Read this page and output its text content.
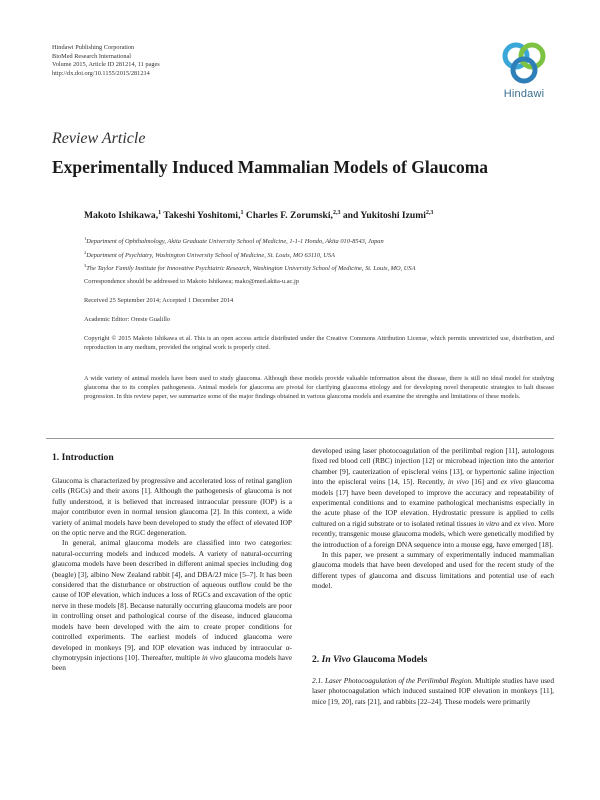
Hindawi Publishing Corporation
BioMed Research International
Volume 2015, Article ID 281214, 11 pages
http://dx.doi.org/10.1155/2015/281214
Hindawi
Review Article
Experimentally Induced Mammalian Models of Glaucoma
Makoto Ishikawa,$^1$ Takeshi Yoshitomi,$^1$ Charles F. Zorumski,$^{2,3}$ and Yukitoshi Izumi$^{2,3}$
$^1$Department of Ophthalmology, Akita Graduate University School of Medicine, 1-1-1 Hondo, Akita 010-8543, Japan
$^2$Department of Psychiatry, Washington University School of Medicine, St. Louis, MO 63110, USA
$^3$The Taylor Family Institute for Innovative Psychiatric Research, Washington University School of Medicine, St. Louis, MO, USA
Correspondence should be addressed to Makoto Ishikawa; mako@med.akita-u.ac.jp
Received 25 September 2014; Accepted 1 December 2014
Academic Editor: Oreste Gualillo
Copyright © 2015 Makoto Ishikawa et al. This is an open access article distributed under the Creative Commons Attribution License, which permits unrestricted use, distribution, and reproduction in any medium, provided the original work is properly cited.
A wide variety of animal models have been used to study glaucoma. Although these models provide valuable information about the disease, there is still no ideal model for studying glaucoma due to its complex pathogenesis. Animal models for glaucoma are pivotal for clarifying glaucoma etiology and for developing novel therapeutic strategies to halt disease progression. In this review paper, we summarize some of the major findings obtained in various glaucoma models and examine the strengths and limitations of these models.
1. Introduction

Glaucoma is characterized by progressive and accelerated loss of retinal ganglion cells (RGCs) and their axons [1]. Although the pathogenesis of glaucoma is not fully understood, it is believed that increased intraocular pressure (IOP) is a major contributor even in normal tension glaucoma [2]. In this context, a wide variety of animal models have been developed to study the effect of elevated IOP on the optic nerve and the RGC degeneration.

In general, animal glaucoma models are classified into two categories: natural-occurring models and induced models. A variety of natural-occurring glaucoma models have been described in different animal species including dog (beagle) [3], albino New Zealand rabbit [4], and DBA/2J mice [5–7]. It has been considered that the disturbance or obstruction of aqueous outflow could be the cause of IOP elevation, which induces a loss of RGCs and excavation of the optic nerve in these models [8]. Because naturally occurring glaucoma models are poor in controlling onset and pathological course of the disease, induced glaucoma models have been developed with the aim to create proper conditions for controlled experiments. The earliest models of induced glaucoma were developed in monkeys [9], and IOP elevation was induced by intraocular α-chymotrypsin injections [10]. Thereafter, multiple in vivo glaucoma models have been

developed using laser photocoagulation of the perilimbal region [11], autologous fixed red blood cell (RBC) injection [12] or microbead injection into the anterior chamber [9], cauterization of episcleral veins [13], or hypertonic saline injection into the episcleral veins [14, 15]. Recently, in vivo [16] and ex vivo glaucoma models [17] have been developed to improve the accuracy and repeatability of experimental conditions and to examine pathological mechanisms especially in the acute phase of the IOP elevation. Hydrostatic pressure is applied to cells cultured on a rigid substrate or to isolated retinal tissues in vitro and ex vivo. More recently, transgenic mouse glaucoma models, which were genetically modified by the introduction of a foreign DNA sequence into a mouse egg, have emerged [18].

In this paper, we present a summary of experimentally induced mammalian glaucoma models that have been developed and used for the recent study of the different types of glaucoma and discuss limitations and potential use of each model.

2. In Vivo Glaucoma Models

2.1. Laser Photocoagulation of the Perilimbal Region. Multiple studies have used laser photocoagulation which induced sustained IOP elevation in monkeys [11], mice [19, 20], rats [21], and rabbits [22–24]. These models were primarily
